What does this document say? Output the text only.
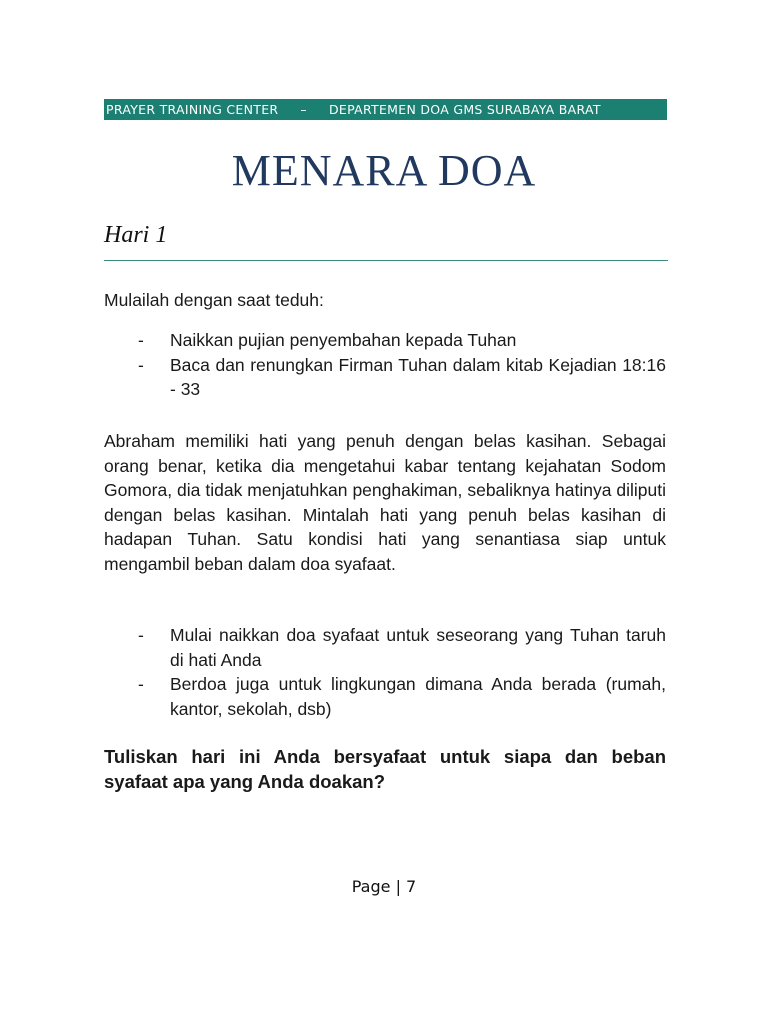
PRAYER TRAINING CENTER – DEPARTEMEN DOA GMS SURABAYA BARAT
MENARA DOA
Hari 1
Mulailah dengan saat teduh:
- Naikkan pujian penyembahan kepada Tuhan
- Baca dan renungkan Firman Tuhan dalam kitab Kejadian 18:16 - 33
Abraham memiliki hati yang penuh dengan belas kasihan. Sebagai orang benar, ketika dia mengetahui kabar tentang kejahatan Sodom Gomora, dia tidak menjatuhkan penghakiman, sebaliknya hatinya diliputi dengan belas kasihan. Mintalah hati yang penuh belas kasihan di hadapan Tuhan. Satu kondisi hati yang senantiasa siap untuk mengambil beban dalam doa syafaat.
- Mulai naikkan doa syafaat untuk seseorang yang Tuhan taruh di hati Anda
- Berdoa juga untuk lingkungan dimana Anda berada (rumah, kantor, sekolah, dsb)
Tuliskan hari ini Anda bersyafaat untuk siapa dan beban syafaat apa yang Anda doakan?
Page | 7
